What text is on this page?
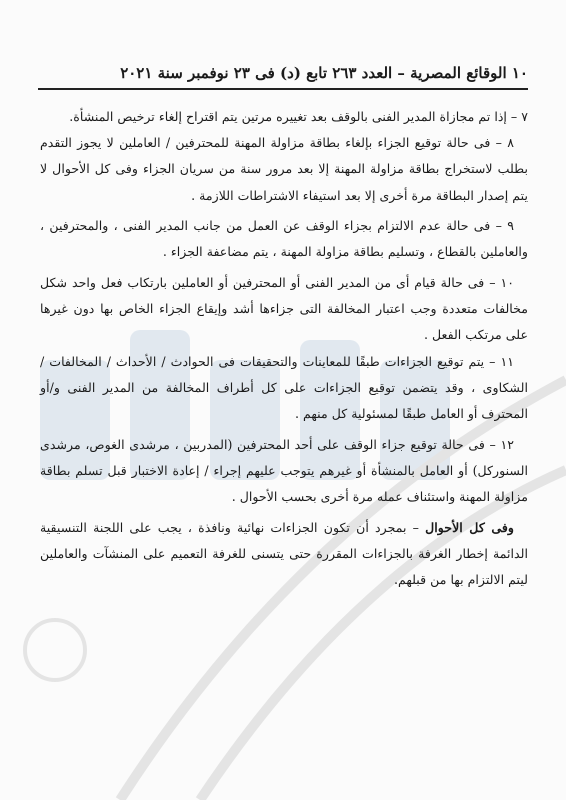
١٠ الوقائع المصرية – العدد ٢٦٣ تابع (د) فى ٢٣ نوفمبر سنة ٢٠٢١

٧ – إذا تم مجازاة المدير الفنى بالوقف بعد تغييره مرتين يتم اقتراح إلغاء ترخيص المنشأة.

٨ – فى حالة توقيع الجزاء بإلغاء بطاقة مزاولة المهنة للمحترفين / العاملين لا يجوز التقدم بطلب لاستخراج بطاقة مزاولة المهنة إلا بعد مرور سنة من سريان الجزاء وفى كل الأحوال لا يتم إصدار البطاقة مرة أخرى إلا بعد استيفاء الاشتراطات اللازمة .

٩ – فى حالة عدم الالتزام بجزاء الوقف عن العمل من جانب المدير الفنى ، والمحترفين ، والعاملين بالقطاع ، وتسليم بطاقة مزاولة المهنة ، يتم مضاعفة الجزاء .

١٠ – فى حالة قيام أى من المدير الفنى أو المحترفين أو العاملين بارتكاب فعل واحد شكل مخالفات متعددة وجب اعتبار المخالفة التى جزاءها أشد وإيقاع الجزاء الخاص بها دون غيرها على مرتكب الفعل .

١١ – يتم توقيع الجزاءات طبقًا للمعاينات والتحقيقات فى الحوادث / الأحداث / المخالفات / الشكاوى ، وقد يتضمن توقيع الجزاءات على كل أطراف المخالفة من المدير الفنى و/أو المحترف أو العامل طبقًا لمسئولية كل منهم .

١٢ – فى حالة توقيع جزاء الوقف على أحد المحترفين (المدربين ، مرشدى الغوص، مرشدى السنوركل) أو العامل بالمنشأة أو غيرهم يتوجب عليهم إجراء / إعادة الاختبار قبل تسلم بطاقة مزاولة المهنة واستئناف عمله مرة أخرى بحسب الأحوال .

وفى كل الأحوال – بمجرد أن تكون الجزاءات نهائية ونافذة ، يجب على اللجنة التنسيقية الدائمة إخطار الغرفة بالجزاءات المقررة حتى يتسنى للغرفة التعميم على المنشآت والعاملين ليتم الالتزام بها من قبلهم.
